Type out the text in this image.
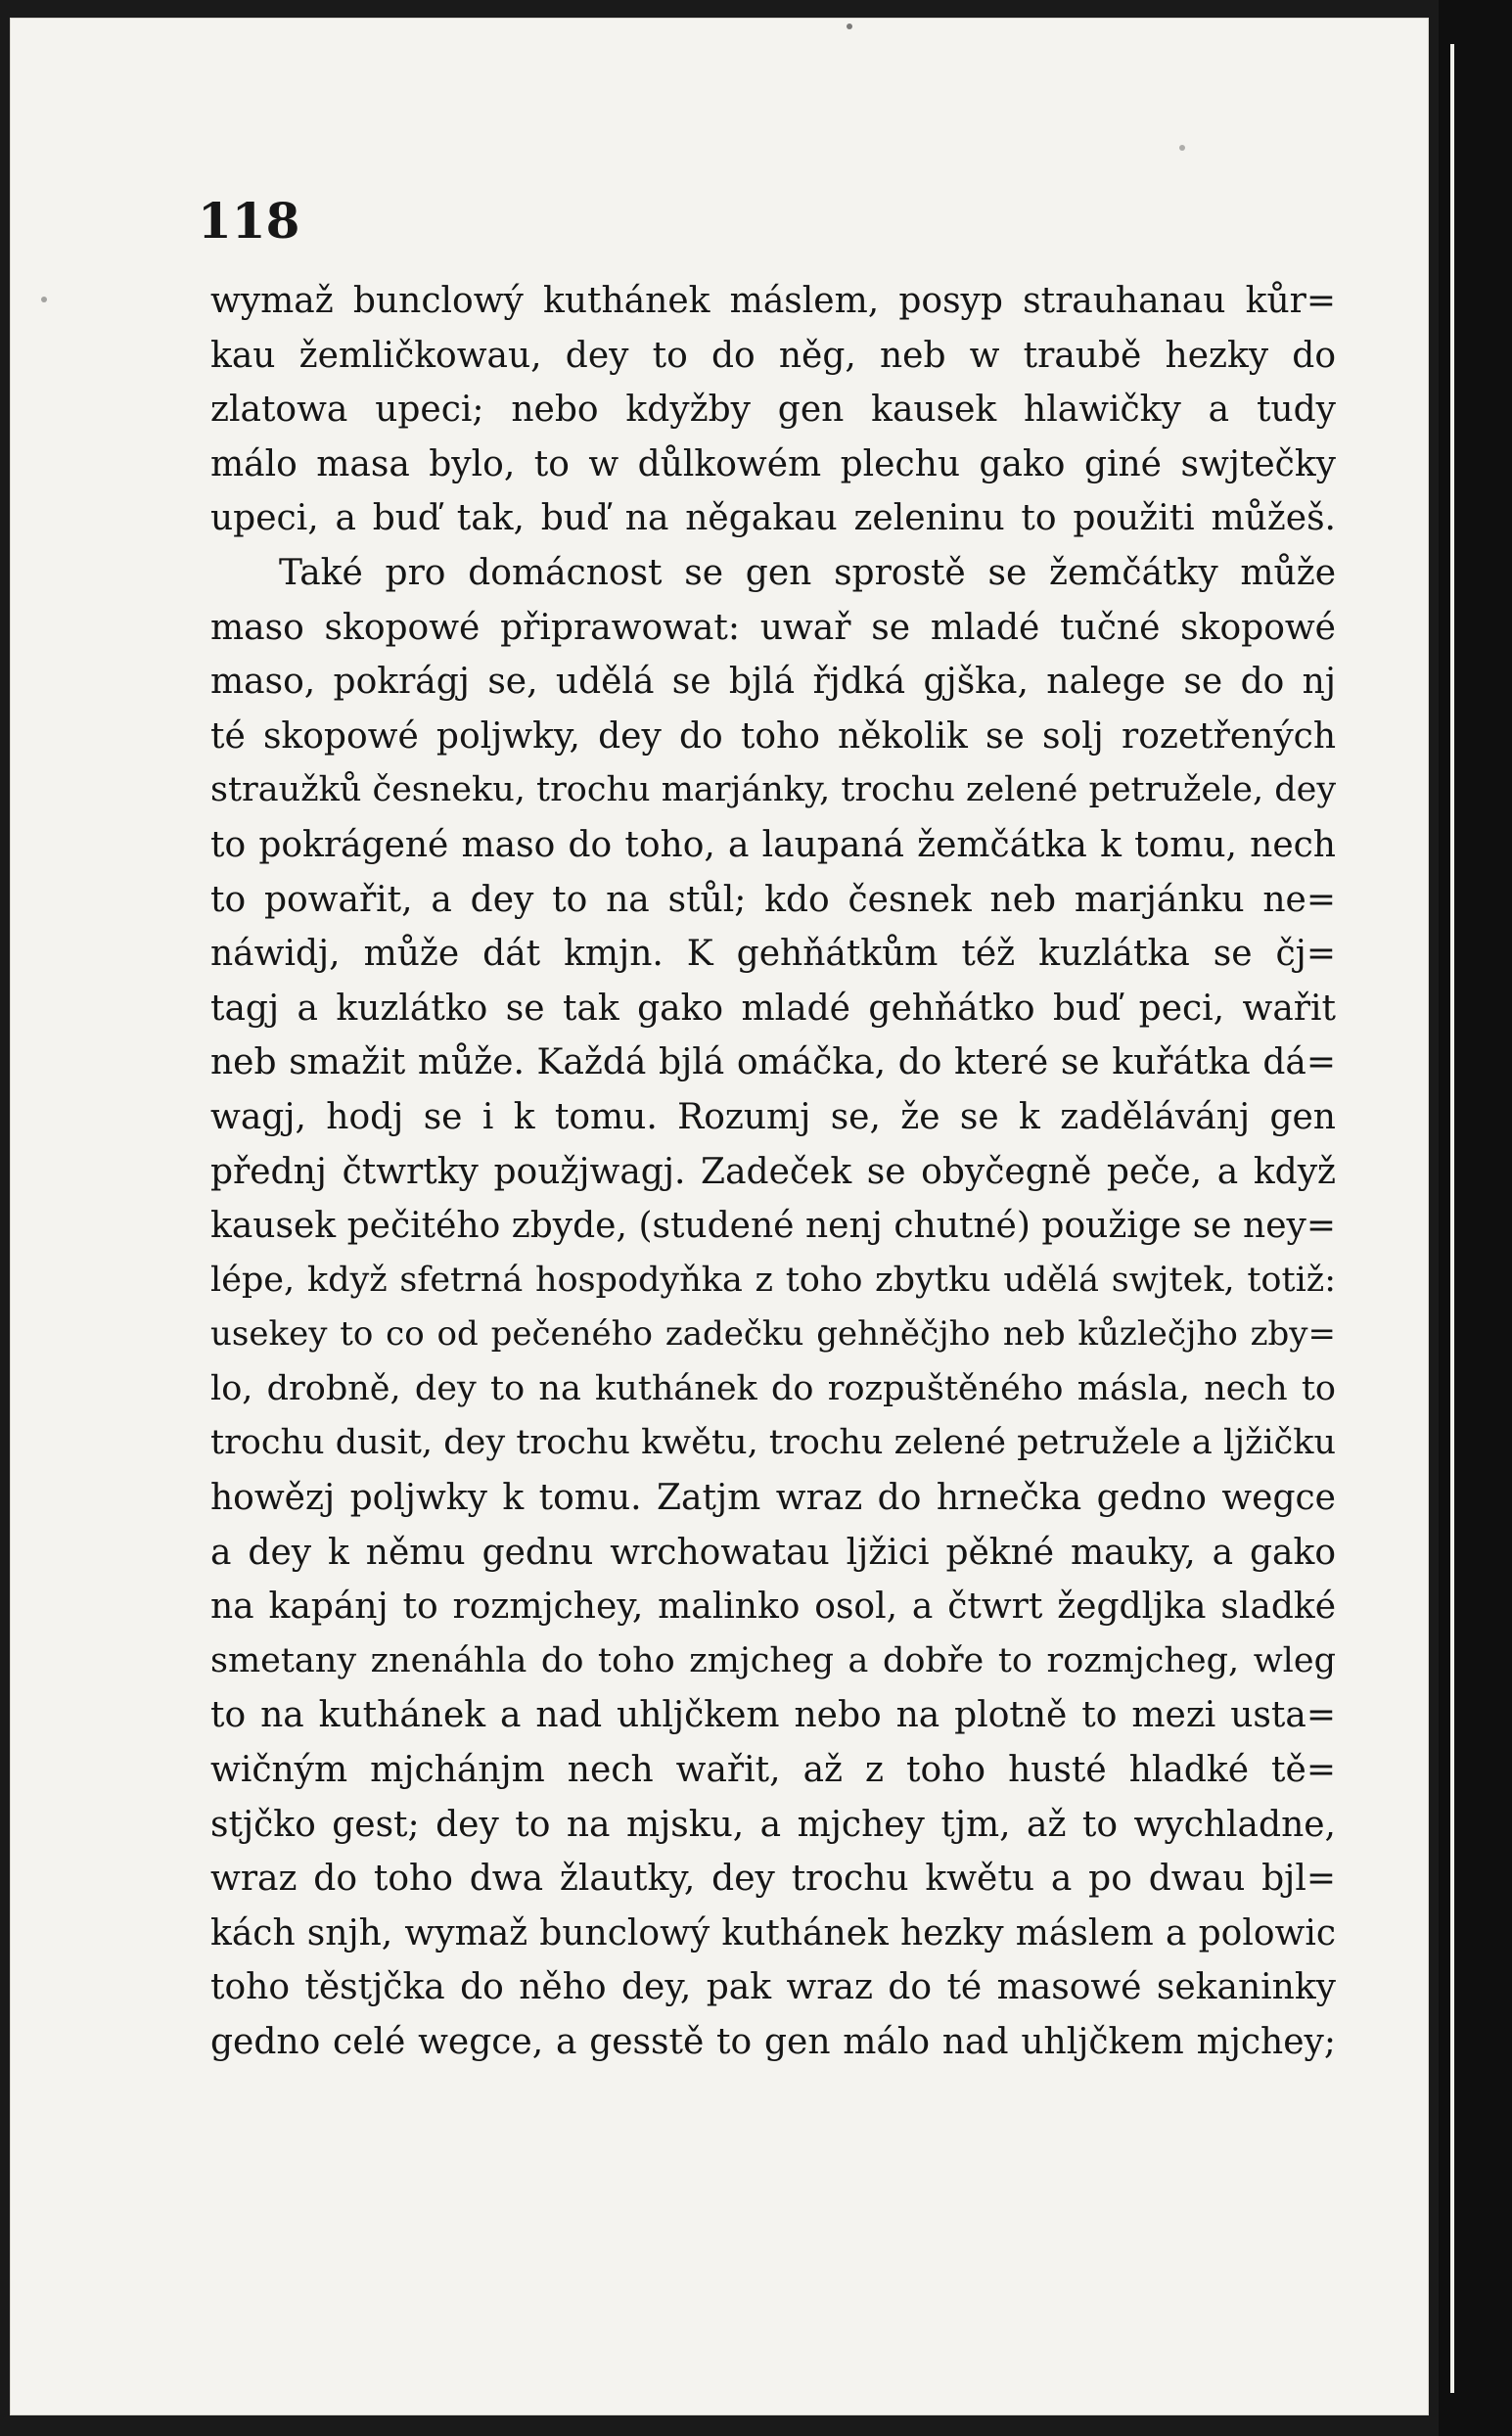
118
wymaž bunclowý kuthánek máslem, posyp strauhanau kůr=
kau žemličkowau, dey to do něg, neb w traubě hezky do
zlatowa upeci; nebo kdyžby gen kausek hlawičky a tudy
málo masa bylo, to w důlkowém plechu gako giné swjtečky
upeci, a buď tak, buď na něgakau zeleninu to použiti můžeš.
Také pro domácnost se gen sprostě se žemčátky může
maso skopowé připrawowat: uwař se mladé tučné skopowé
maso, pokrágj se, udělá se bjlá řjdká gjška, nalege se do nj
té skopowé poljwky, dey do toho několik se solj rozetřených
straužků česneku, trochu marjánky, trochu zelené petružele, dey
to pokrágené maso do toho, a laupaná žemčátka k tomu, nech
to powařit, a dey to na stůl; kdo česnek neb marjánku ne=
náwidj, může dát kmjn. K gehňátkům též kuzlátka se čj=
tagj a kuzlátko se tak gako mladé gehňátko buď peci, wařit
neb smažit může. Každá bjlá omáčka, do které se kuřátka dá=
wagj, hodj se i k tomu. Rozumj se, že se k zadělávánj gen
přednj čtwrtky použjwagj. Zadeček se obyčegně peče, a když
kausek pečitého zbyde, (studené nenj chutné) použige se ney=
lépe, když sfetrná hospodyňka z toho zbytku udělá swjtek, totiž:
usekey to co od pečeného zadečku gehněčjho neb kůzlečjho zby=
lo, drobně, dey to na kuthánek do rozpuštěného másla, nech to
trochu dusit, dey trochu kwětu, trochu zelené petružele a ljžičku
howězj poljwky k tomu. Zatjm wraz do hrnečka gedno wegce
a dey k němu gednu wrchowatau ljžici pěkné mauky, a gako
na kapánj to rozmjchey, malinko osol, a čtwrt žegdljka sladké
smetany znenáhla do toho zmjcheg a dobře to rozmjcheg, wleg
to na kuthánek a nad uhljčkem nebo na plotně to mezi usta=
wičným mjchánjm nech wařit, až z toho husté hladké tě=
stjčko gest; dey to na mjsku, a mjchey tjm, až to wychladne,
wraz do toho dwa žlautky, dey trochu kwětu a po dwau bjl=
kách snjh, wymaž bunclowý kuthánek hezky máslem a polowic
toho těstjčka do něho dey, pak wraz do té masowé sekaninky
gedno celé wegce, a gesstě to gen málo nad uhljčkem mjchey;
